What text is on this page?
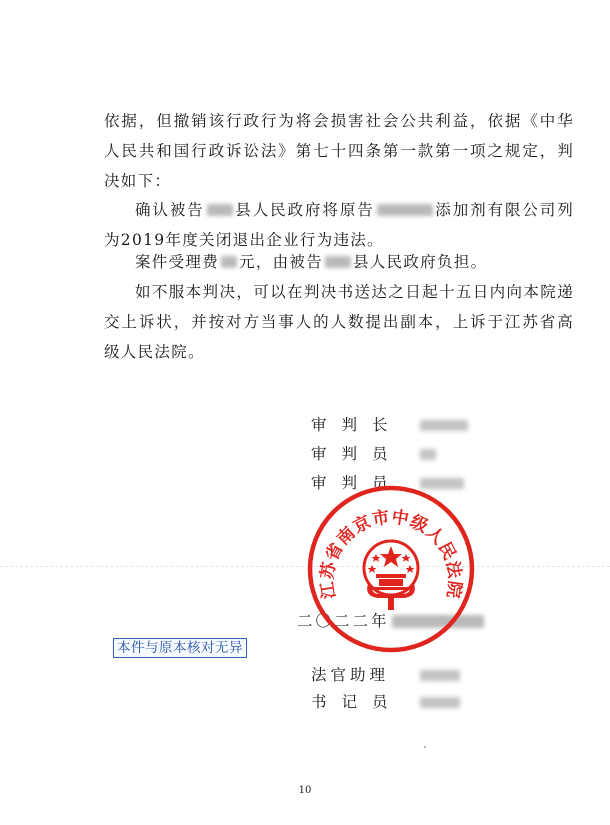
依据，但撤销该行政行为将会损害社会公共利益，依据《中华人民共和国行政诉讼法》第七十四条第一款第一项之规定，判决如下：

确认被告 县人民政府将原告	添加剂有限公司列为2019年度关闭退出企业行为违法。

案件受理费 元，由被告 县人民政府负担。

如不服本判决，可以在判决书送达之日起十五日内向本院递交上诉状，并按对方当事人的人数提出副本，上诉于江苏省高级人民法院。

审判长
审判员
审判员
二〇二二年
江苏省南京市中级人民法院
本件与原本核对无异
法官助理
书记员
10
